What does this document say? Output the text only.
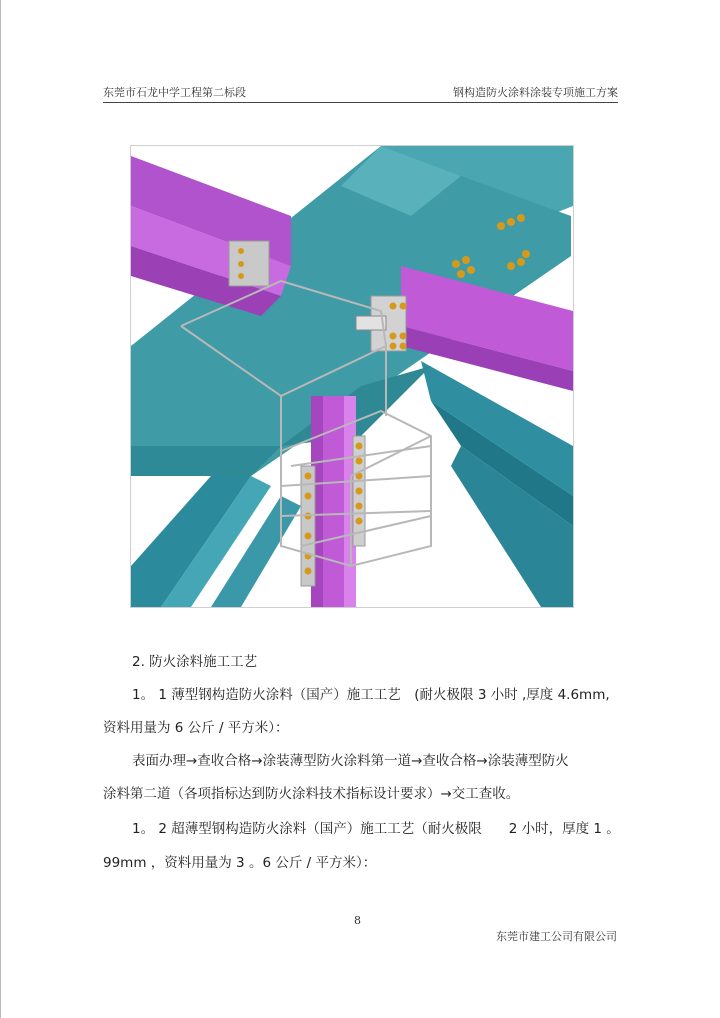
东莞市石龙中学工程第二标段	钢构造防火涂料涂装专项施工方案
2. 防火涂料施工工艺
1。 1 薄型钢构造防火涂料（国产）施工工艺　(耐火极限 3 小时 ,厚度 4.6mm,
资料用量为 6 公斤 / 平方米）：
表面办理→查收合格→涂装薄型防火涂料第一道→查收合格→涂装薄型防火
涂料第二道（各项指标达到防火涂料技术指标设计要求）→交工查收。
1。 2 超薄型钢构造防火涂料（国产）施工工艺（耐火极限　　2 小时，厚度 1 。
99mm ，资料用量为 3 。6 公斤 / 平方米）：
8
东莞市建工公司有限公司
